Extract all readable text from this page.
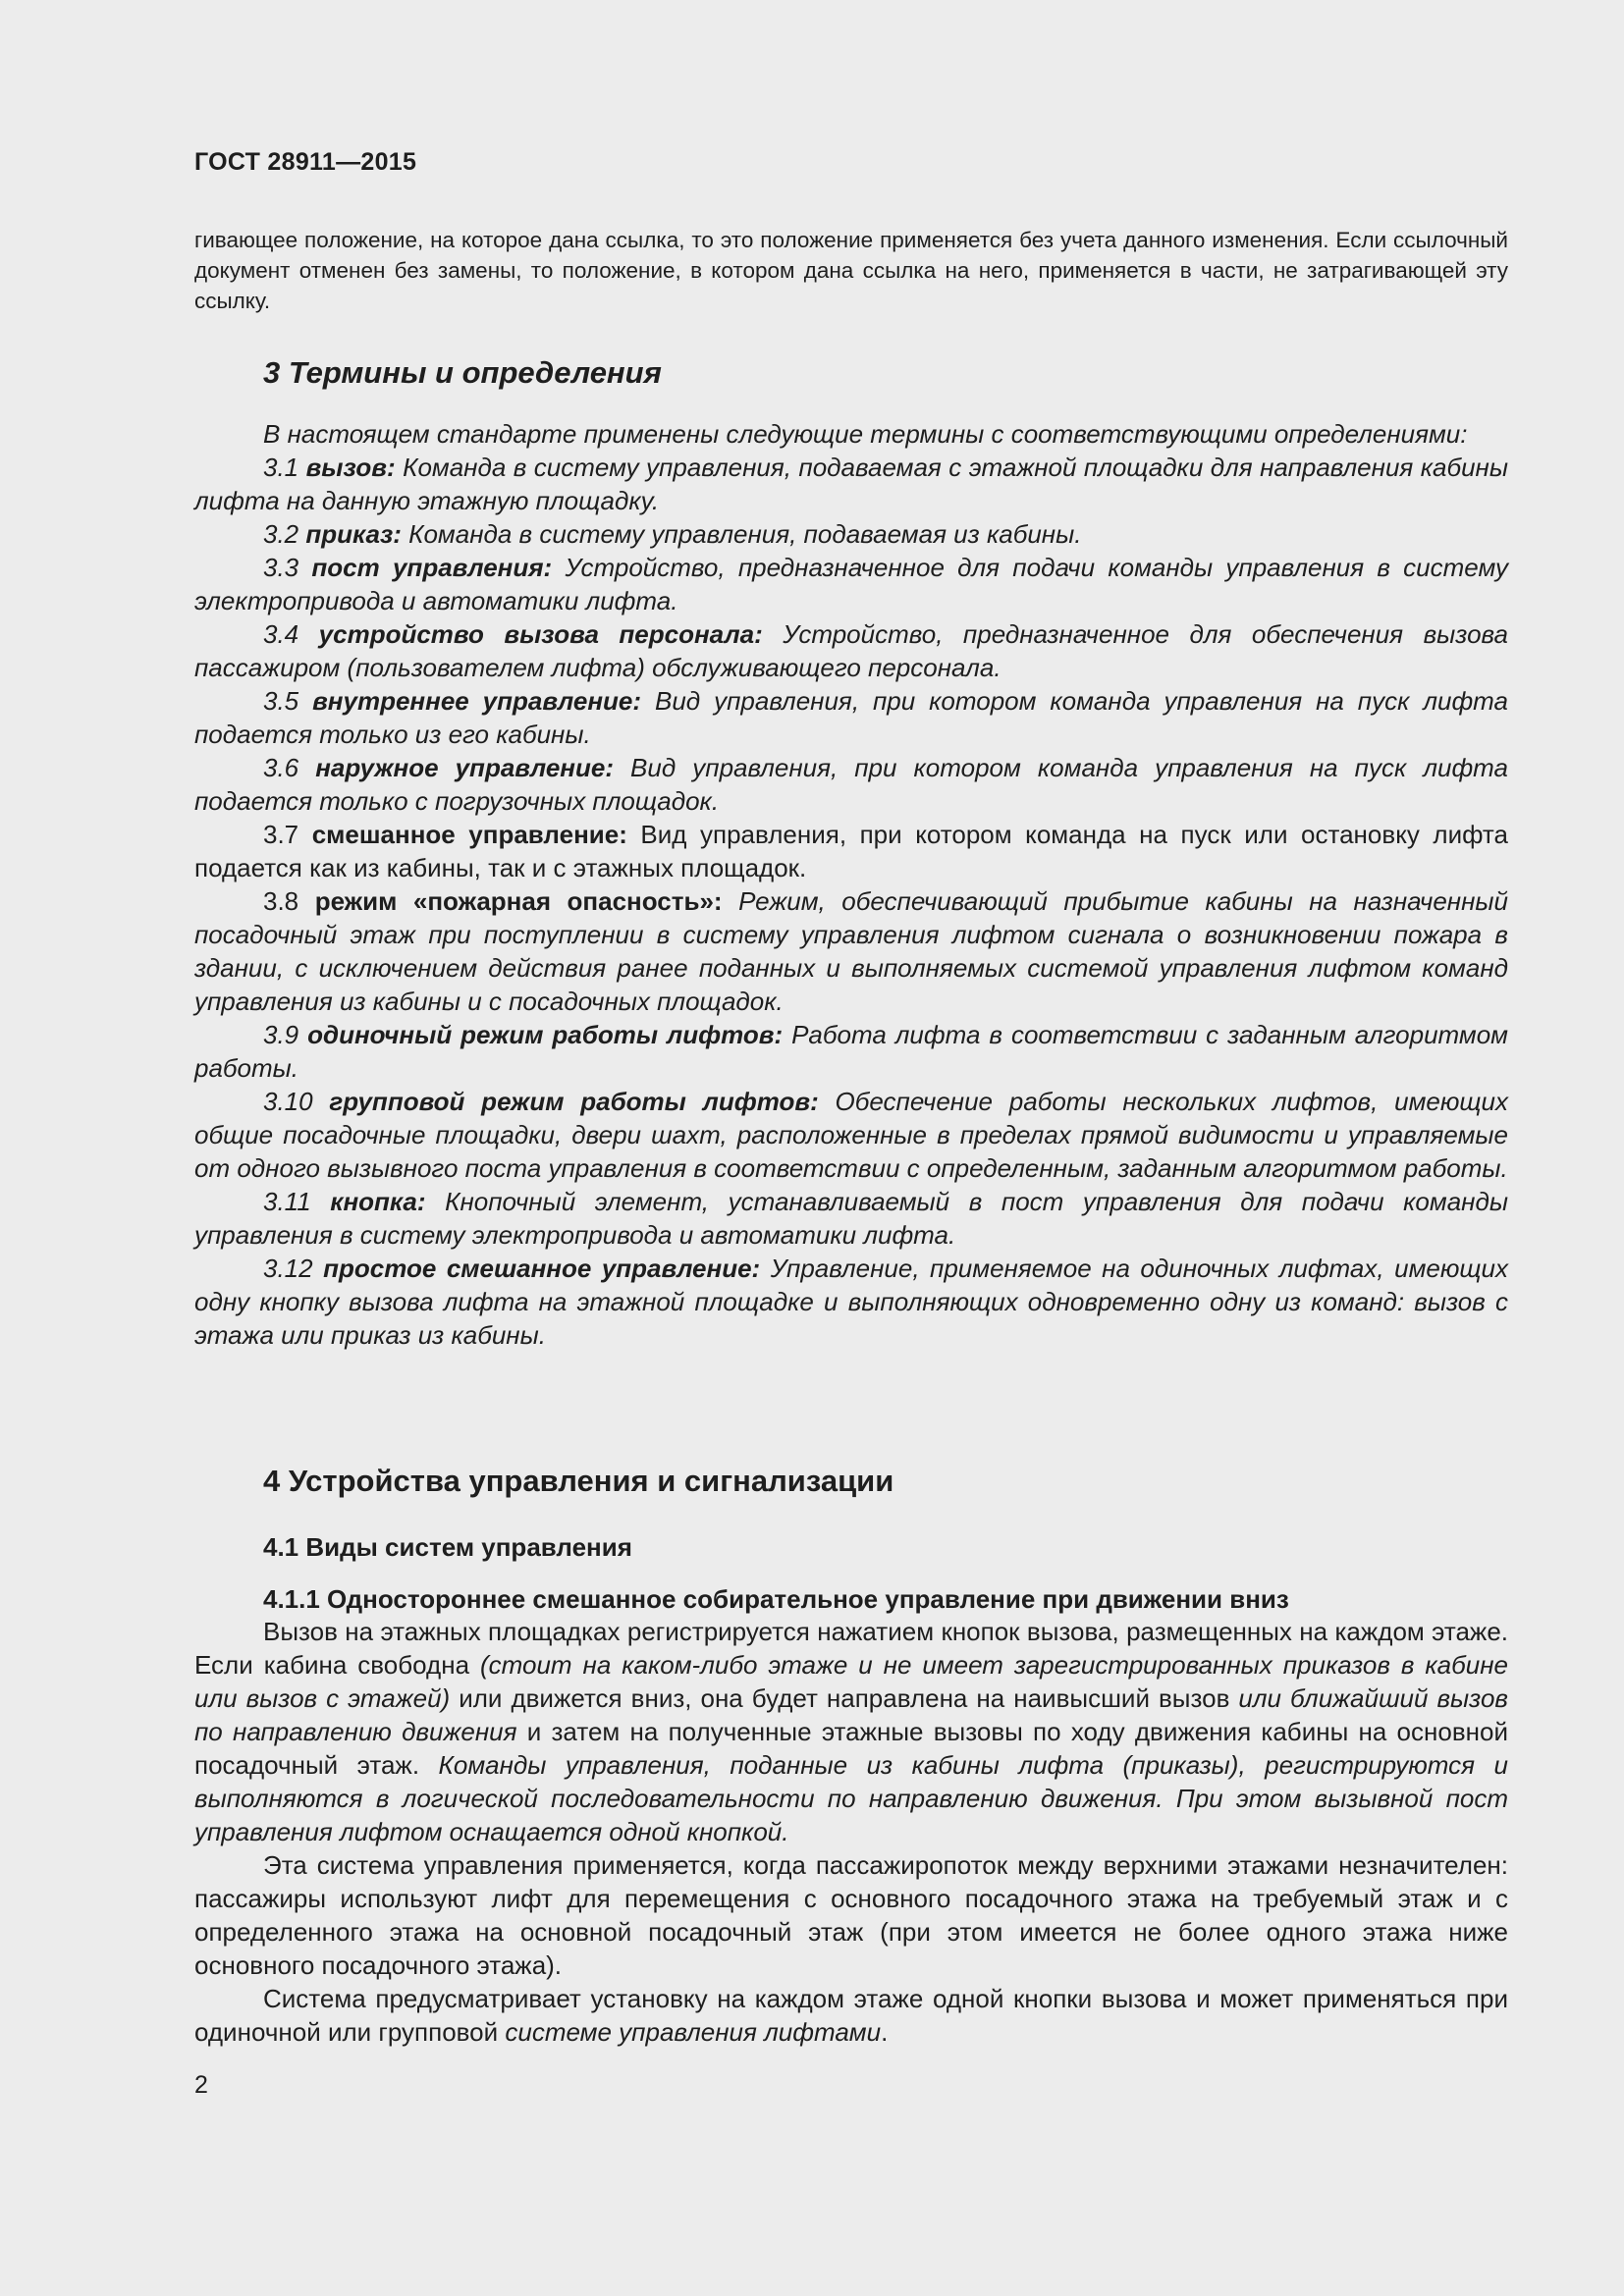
ГОСТ 28911—2015

гивающее положение, на которое дана ссылка, то это положение применяется без учета данного изменения. Если ссылочный документ отменен без замены, то положение, в котором дана ссылка на него, применяется в части, не затрагивающей эту ссылку.

3 Термины и определения

В настоящем стандарте применены следующие термины с соответствующими определениями:

3.1 вызов: Команда в систему управления, подаваемая с этажной площадки для направления кабины лифта на данную этажную площадку.

3.2 приказ: Команда в систему управления, подаваемая из кабины.

3.3 пост управления: Устройство, предназначенное для подачи команды управления в систему электропривода и автоматики лифта.

3.4 устройство вызова персонала: Устройство, предназначенное для обеспечения вызова пассажиром (пользователем лифта) обслуживающего персонала.

3.5 внутреннее управление: Вид управления, при котором команда управления на пуск лифта подается только из его кабины.

3.6 наружное управление: Вид управления, при котором команда управления на пуск лифта подается только с погрузочных площадок.

3.7 смешанное управление: Вид управления, при котором команда на пуск или остановку лифта подается как из кабины, так и с этажных площадок.

3.8 режим «пожарная опасность»: Режим, обеспечивающий прибытие кабины на назначенный посадочный этаж при поступлении в систему управления лифтом сигнала о возникновении пожара в здании, с исключением действия ранее поданных и выполняемых системой управления лифтом команд управления из кабины и с посадочных площадок.

3.9 одиночный режим работы лифтов: Работа лифта в соответствии с заданным алгоритмом работы.

3.10 групповой режим работы лифтов: Обеспечение работы нескольких лифтов, имеющих общие посадочные площадки, двери шахт, расположенные в пределах прямой видимости и управляемые от одного вызывного поста управления в соответствии с определенным, заданным алгоритмом работы.

3.11 кнопка: Кнопочный элемент, устанавливаемый в пост управления для подачи команды управления в систему электропривода и автоматики лифта.

3.12 простое смешанное управление: Управление, применяемое на одиночных лифтах, имеющих одну кнопку вызова лифта на этажной площадке и выполняющих одновременно одну из команд: вызов с этажа или приказ из кабины.

4 Устройства управления и сигнализации
4.1 Виды систем управления
4.1.1 Одностороннее смешанное собирательное управление при движении вниз

Вызов на этажных площадках регистрируется нажатием кнопок вызова, размещенных на каждом этаже. Если кабина свободна (стоит на каком-либо этаже и не имеет зарегистрированных приказов в кабине или вызов с этажей) или движется вниз, она будет направлена на наивысший вызов или ближайший вызов по направлению движения и затем на полученные этажные вызовы по ходу движения кабины на основной посадочный этаж. Команды управления, поданные из кабины лифта (приказы), регистрируются и выполняются в логической последовательности по направлению движения. При этом вызывной пост управления лифтом оснащается одной кнопкой.

Эта система управления применяется, когда пассажиропоток между верхними этажами незначителен: пассажиры используют лифт для перемещения с основного посадочного этажа на требуемый этаж и с определенного этажа на основной посадочный этаж (при этом имеется не более одного этажа ниже основного посадочного этажа).

Система предусматривает установку на каждом этаже одной кнопки вызова и может применяться при одиночной или групповой системе управления лифтами.

2
